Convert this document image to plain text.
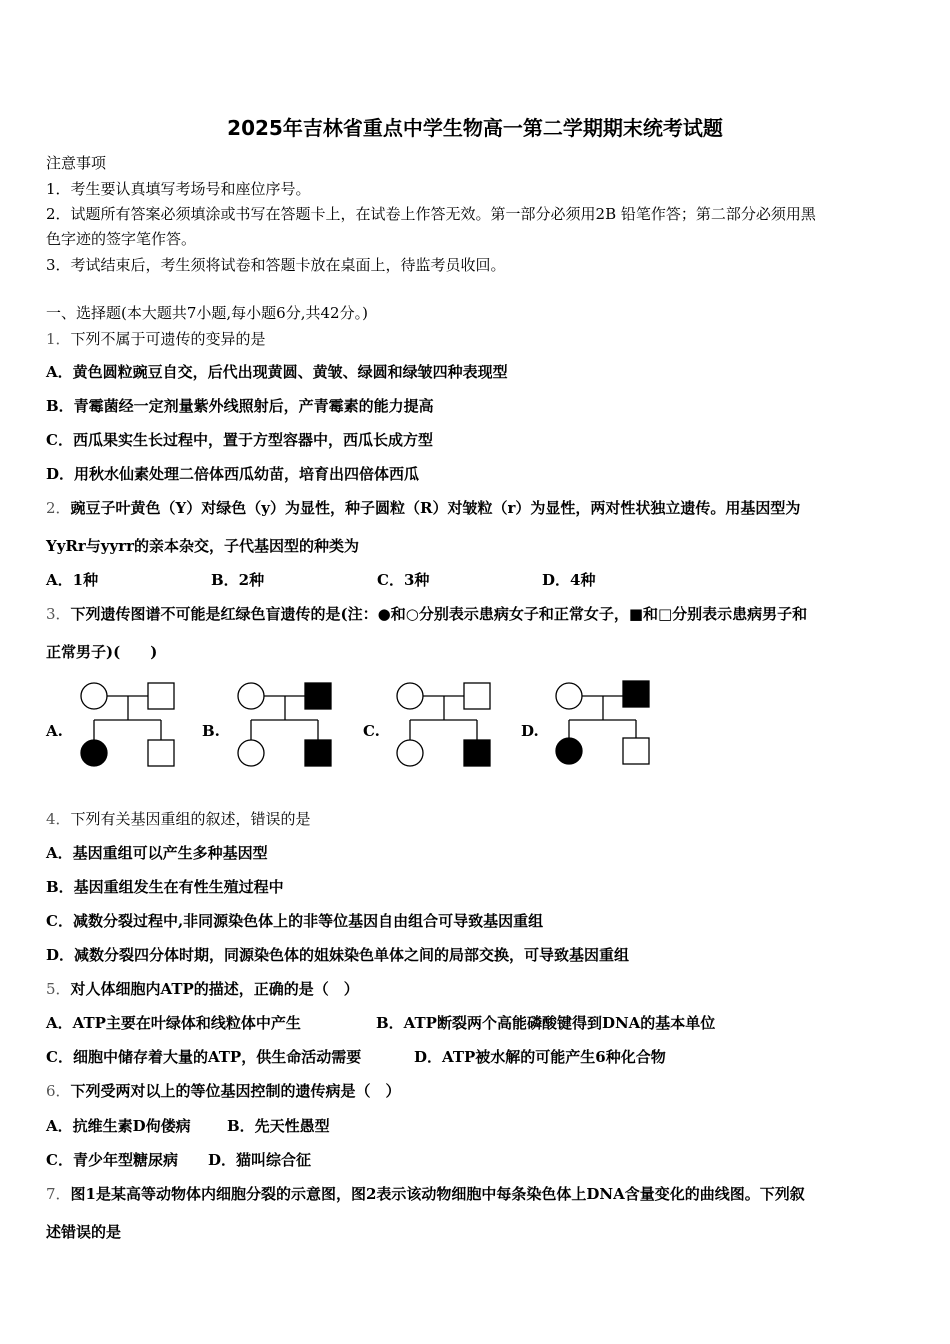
2025年吉林省重点中学生物高一第二学期期末统考试题
注意事项
1．考生要认真填写考场号和座位序号。
2．试题所有答案必须填涂或书写在答题卡上，在试卷上作答无效。第一部分必须用2B 铅笔作答；第二部分必须用黑
色字迹的签字笔作答。
3．考试结束后，考生须将试卷和答题卡放在桌面上，待监考员收回。
一、选择题(本大题共7小题,每小题6分,共42分。)
1．下列不属于可遗传的变异的是
A．黄色圆粒豌豆自交，后代出现黄圆、黄皱、绿圆和绿皱四种表现型
B．青霉菌经一定剂量紫外线照射后，产青霉素的能力提高
C．西瓜果实生长过程中，置于方型容器中，西瓜长成方型
D．用秋水仙素处理二倍体西瓜幼苗，培育出四倍体西瓜
2．豌豆子叶黄色（Y）对绿色（y）为显性，种子圆粒（R）对皱粒（r）为显性，两对性状独立遗传。用基因型为
YyRr与yyrr的亲本杂交，子代基因型的种类为
A．1种	B．2种	C．3种	D．4种
3．下列遗传图谱不可能是红绿色盲遗传的是(注：●和○分别表示患病女子和正常女子，■和□分别表示患病男子和
正常男子)(　　)
A.	B.	C.	D.
4．下列有关基因重组的叙述，错误的是
A．基因重组可以产生多种基因型
B．基因重组发生在有性生殖过程中
C．减数分裂过程中,非同源染色体上的非等位基因自由组合可导致基因重组
D．减数分裂四分体时期，同源染色体的姐妹染色单体之间的局部交换，可导致基因重组
5．对人体细胞内ATP的描述，正确的是（　）
A．ATP主要在叶绿体和线粒体中产生	B．ATP断裂两个高能磷酸键得到DNA的基本单位
C．细胞中储存着大量的ATP，供生命活动需要	D．ATP被水解的可能产生6种化合物
6．下列受两对以上的等位基因控制的遗传病是（　）
A．抗维生素D佝偻病 B．先天性愚型
C．青少年型糖尿病 D．猫叫综合征
7．图1是某高等动物体内细胞分裂的示意图，图2表示该动物细胞中每条染色体上DNA含量变化的曲线图。下列叙
述错误的是
